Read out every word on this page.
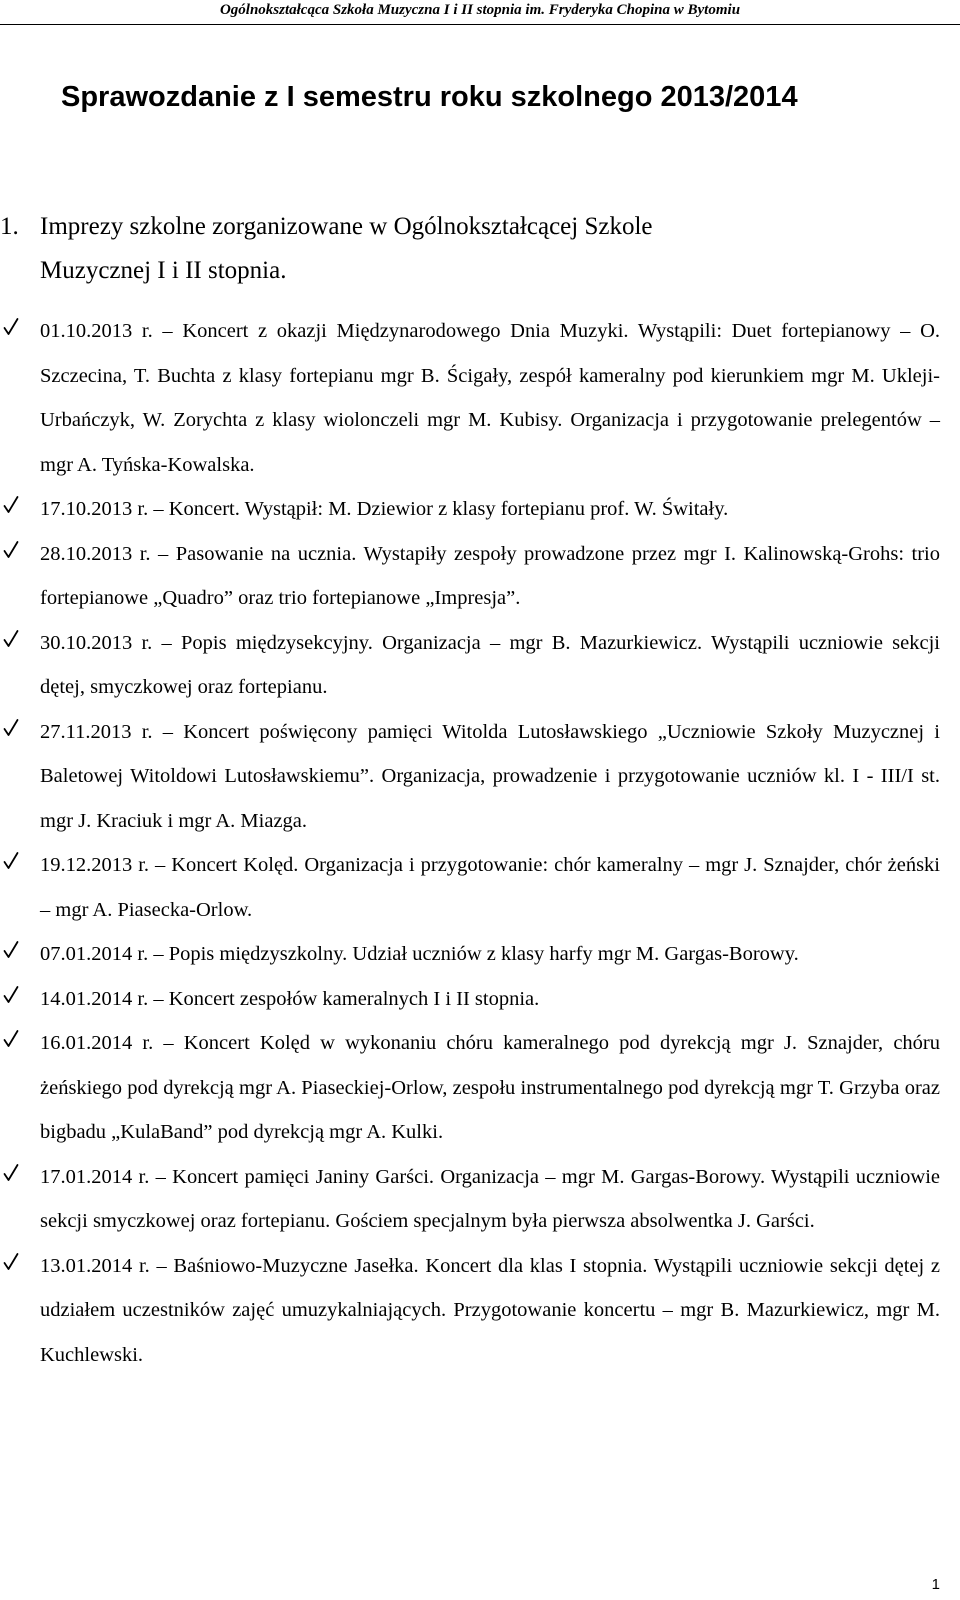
Ogólnokształcąca Szkoła Muzyczna I i II stopnia im. Fryderyka Chopina w Bytomiu
Sprawozdanie z I semestru roku szkolnego 2013/2014
1. Imprezy szkolne zorganizowane w Ogólnokształcącej Szkole
Muzycznej I i II stopnia.
01.10.2013 r. – Koncert z okazji Międzynarodowego Dnia Muzyki. Wystąpili: Duet fortepianowy – O. Szczecina, T. Buchta z klasy fortepianu mgr B. Ścigały, zespół kameralny pod kierunkiem mgr M. Ukleji-Urbańczyk, W. Zorychta z klasy wiolonczeli mgr M. Kubisy. Organizacja i przygotowanie prelegentów – mgr A. Tyńska-Kowalska.
17.10.2013 r. – Koncert. Wystąpił: M. Dziewior z klasy fortepianu prof. W. Świtały.
28.10.2013 r. – Pasowanie na ucznia. Wystapiły zespoły prowadzone przez mgr I. Kalinowską-Grohs: trio fortepianowe „Quadro” oraz trio fortepianowe „Impresja”.
30.10.2013 r. – Popis międzysekcyjny. Organizacja – mgr B. Mazurkiewicz. Wystąpili uczniowie sekcji dętej, smyczkowej oraz fortepianu.
27.11.2013 r. – Koncert poświęcony pamięci Witolda Lutosławskiego „Uczniowie Szkoły Muzycznej i Baletowej Witoldowi Lutosławskiemu”. Organizacja, prowadzenie i przygotowanie uczniów kl. I - III/I st. mgr J. Kraciuk i mgr A. Miazga.
19.12.2013 r. – Koncert Kolęd. Organizacja i przygotowanie: chór kameralny – mgr J. Sznajder, chór żeński – mgr A. Piasecka-Orlow.
07.01.2014 r. – Popis międzyszkolny. Udział uczniów z klasy harfy mgr M. Gargas-Borowy.
14.01.2014 r. – Koncert zespołów kameralnych I i II stopnia.
16.01.2014 r. – Koncert Kolęd w wykonaniu chóru kameralnego pod dyrekcją mgr J. Sznajder, chóru żeńskiego pod dyrekcją mgr A. Piaseckiej-Orlow, zespołu instrumentalnego pod dyrekcją mgr T. Grzyba oraz bigbadu „KulaBand” pod dyrekcją mgr A. Kulki.
17.01.2014 r. – Koncert pamięci Janiny Garści. Organizacja – mgr M. Gargas-Borowy. Wystąpili uczniowie sekcji smyczkowej oraz fortepianu. Gościem specjalnym była pierwsza absolwentka J. Garści.
13.01.2014 r. – Baśniowo-Muzyczne Jasełka. Koncert dla klas I stopnia. Wystąpili uczniowie sekcji dętej z udziałem uczestników zajęć umuzykalniających. Przygotowanie koncertu – mgr B. Mazurkiewicz, mgr M. Kuchlewski.
1
